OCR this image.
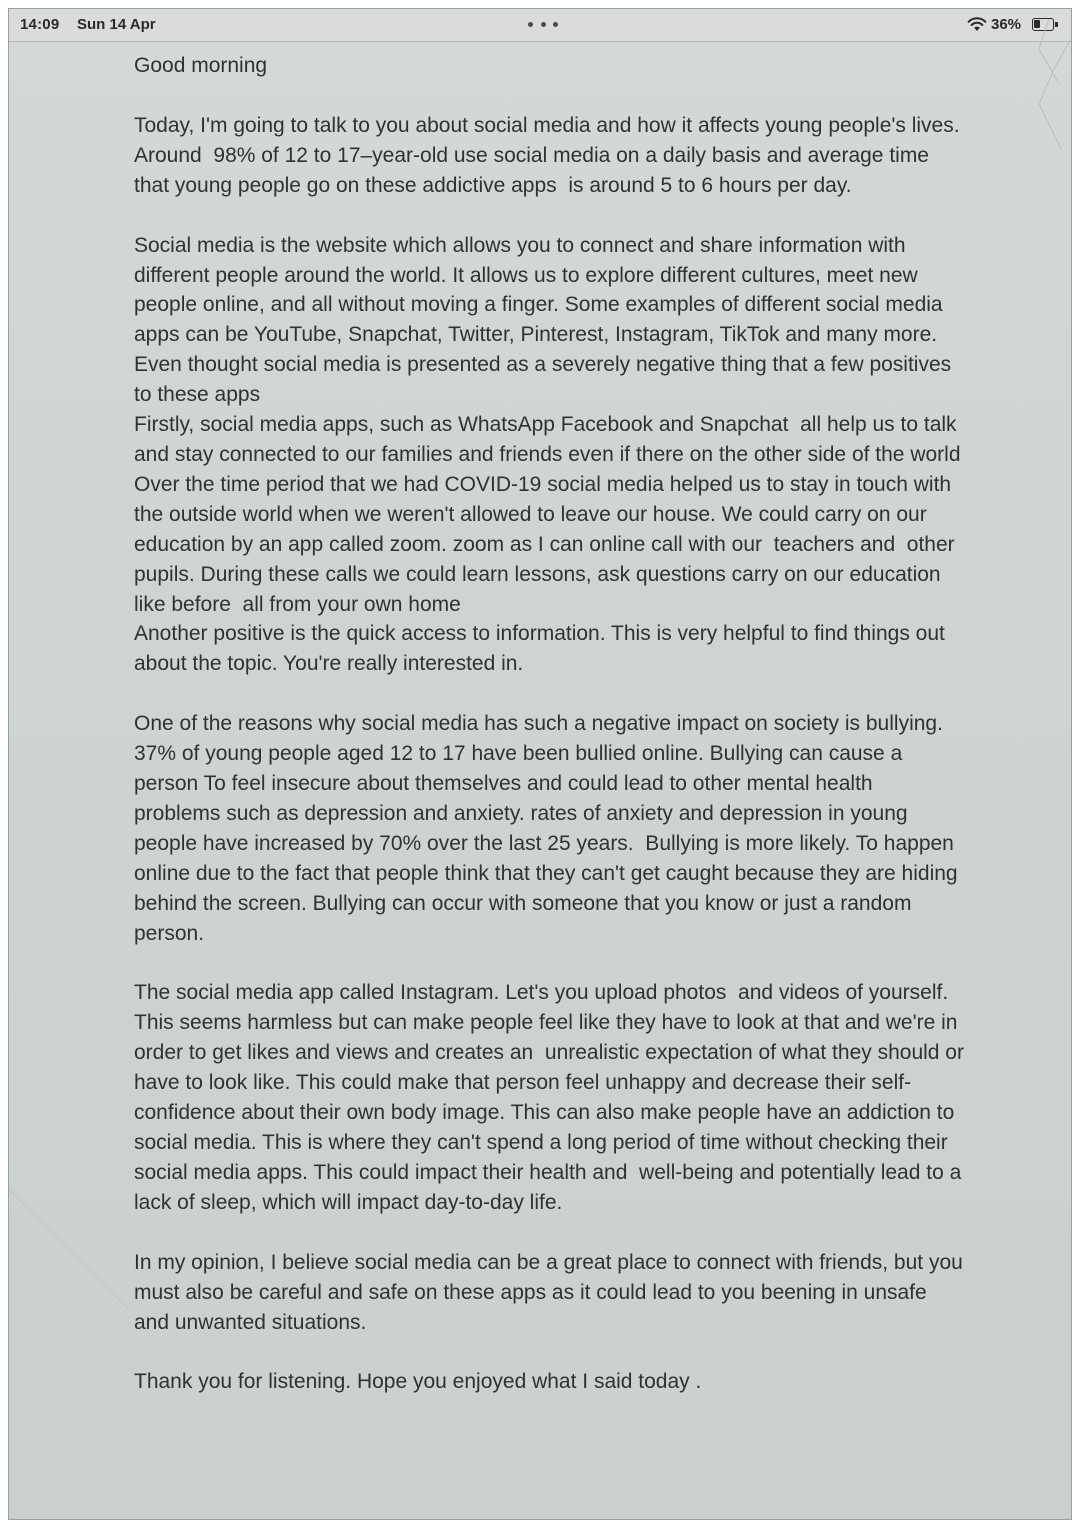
14:09 Sun 14 Apr	36%

Good morning

Today, I'm going to talk to you about social media and how it affects young people's lives. Around  98% of 12 to 17–year-old use social media on a daily basis and average time that young people go on these addictive apps  is around 5 to 6 hours per day.

Social media is the website which allows you to connect and share information with different people around the world. It allows us to explore different cultures, meet new people online, and all without moving a finger. Some examples of different social media apps can be YouTube, Snapchat, Twitter, Pinterest, Instagram, TikTok and many more.

Even thought social media is presented as a severely negative thing that a few positives to these apps

Firstly, social media apps, such as WhatsApp Facebook and Snapchat  all help us to talk and stay connected to our families and friends even if there on the other side of the world

Over the time period that we had COVID-19 social media helped us to stay in touch with the outside world when we weren't allowed to leave our house. We could carry on our education by an app called zoom. zoom as I can online call with our  teachers and  other pupils. During these calls we could learn lessons, ask questions carry on our education like before  all from your own home

Another positive is the quick access to information. This is very helpful to find things out about the topic. You're really interested in.

One of the reasons why social media has such a negative impact on society is bullying. 37% of young people aged 12 to 17 have been bullied online. Bullying can cause a  person To feel insecure about themselves and could lead to other mental health problems such as depression and anxiety. rates of anxiety and depression in young people have increased by 70% over the last 25 years.  Bullying is more likely. To happen online due to the fact that people think that they can't get caught because they are hiding behind the screen. Bullying can occur with someone that you know or just a random person.

The social media app called Instagram. Let's you upload photos  and videos of yourself. This seems harmless but can make people feel like they have to look at that and we're in order to get likes and views and creates an  unrealistic expectation of what they should or have to look like. This could make that person feel unhappy and decrease their self-confidence about their own body image. This can also make people have an addiction to social media. This is where they can't spend a long period of time without checking their social media apps. This could impact their health and  well-being and potentially lead to a lack of sleep, which will impact day-to-day life.

In my opinion, I believe social media can be a great place to connect with friends, but you must also be careful and safe on these apps as it could lead to you beening in unsafe and unwanted situations.

Thank you for listening. Hope you enjoyed what I said today .
